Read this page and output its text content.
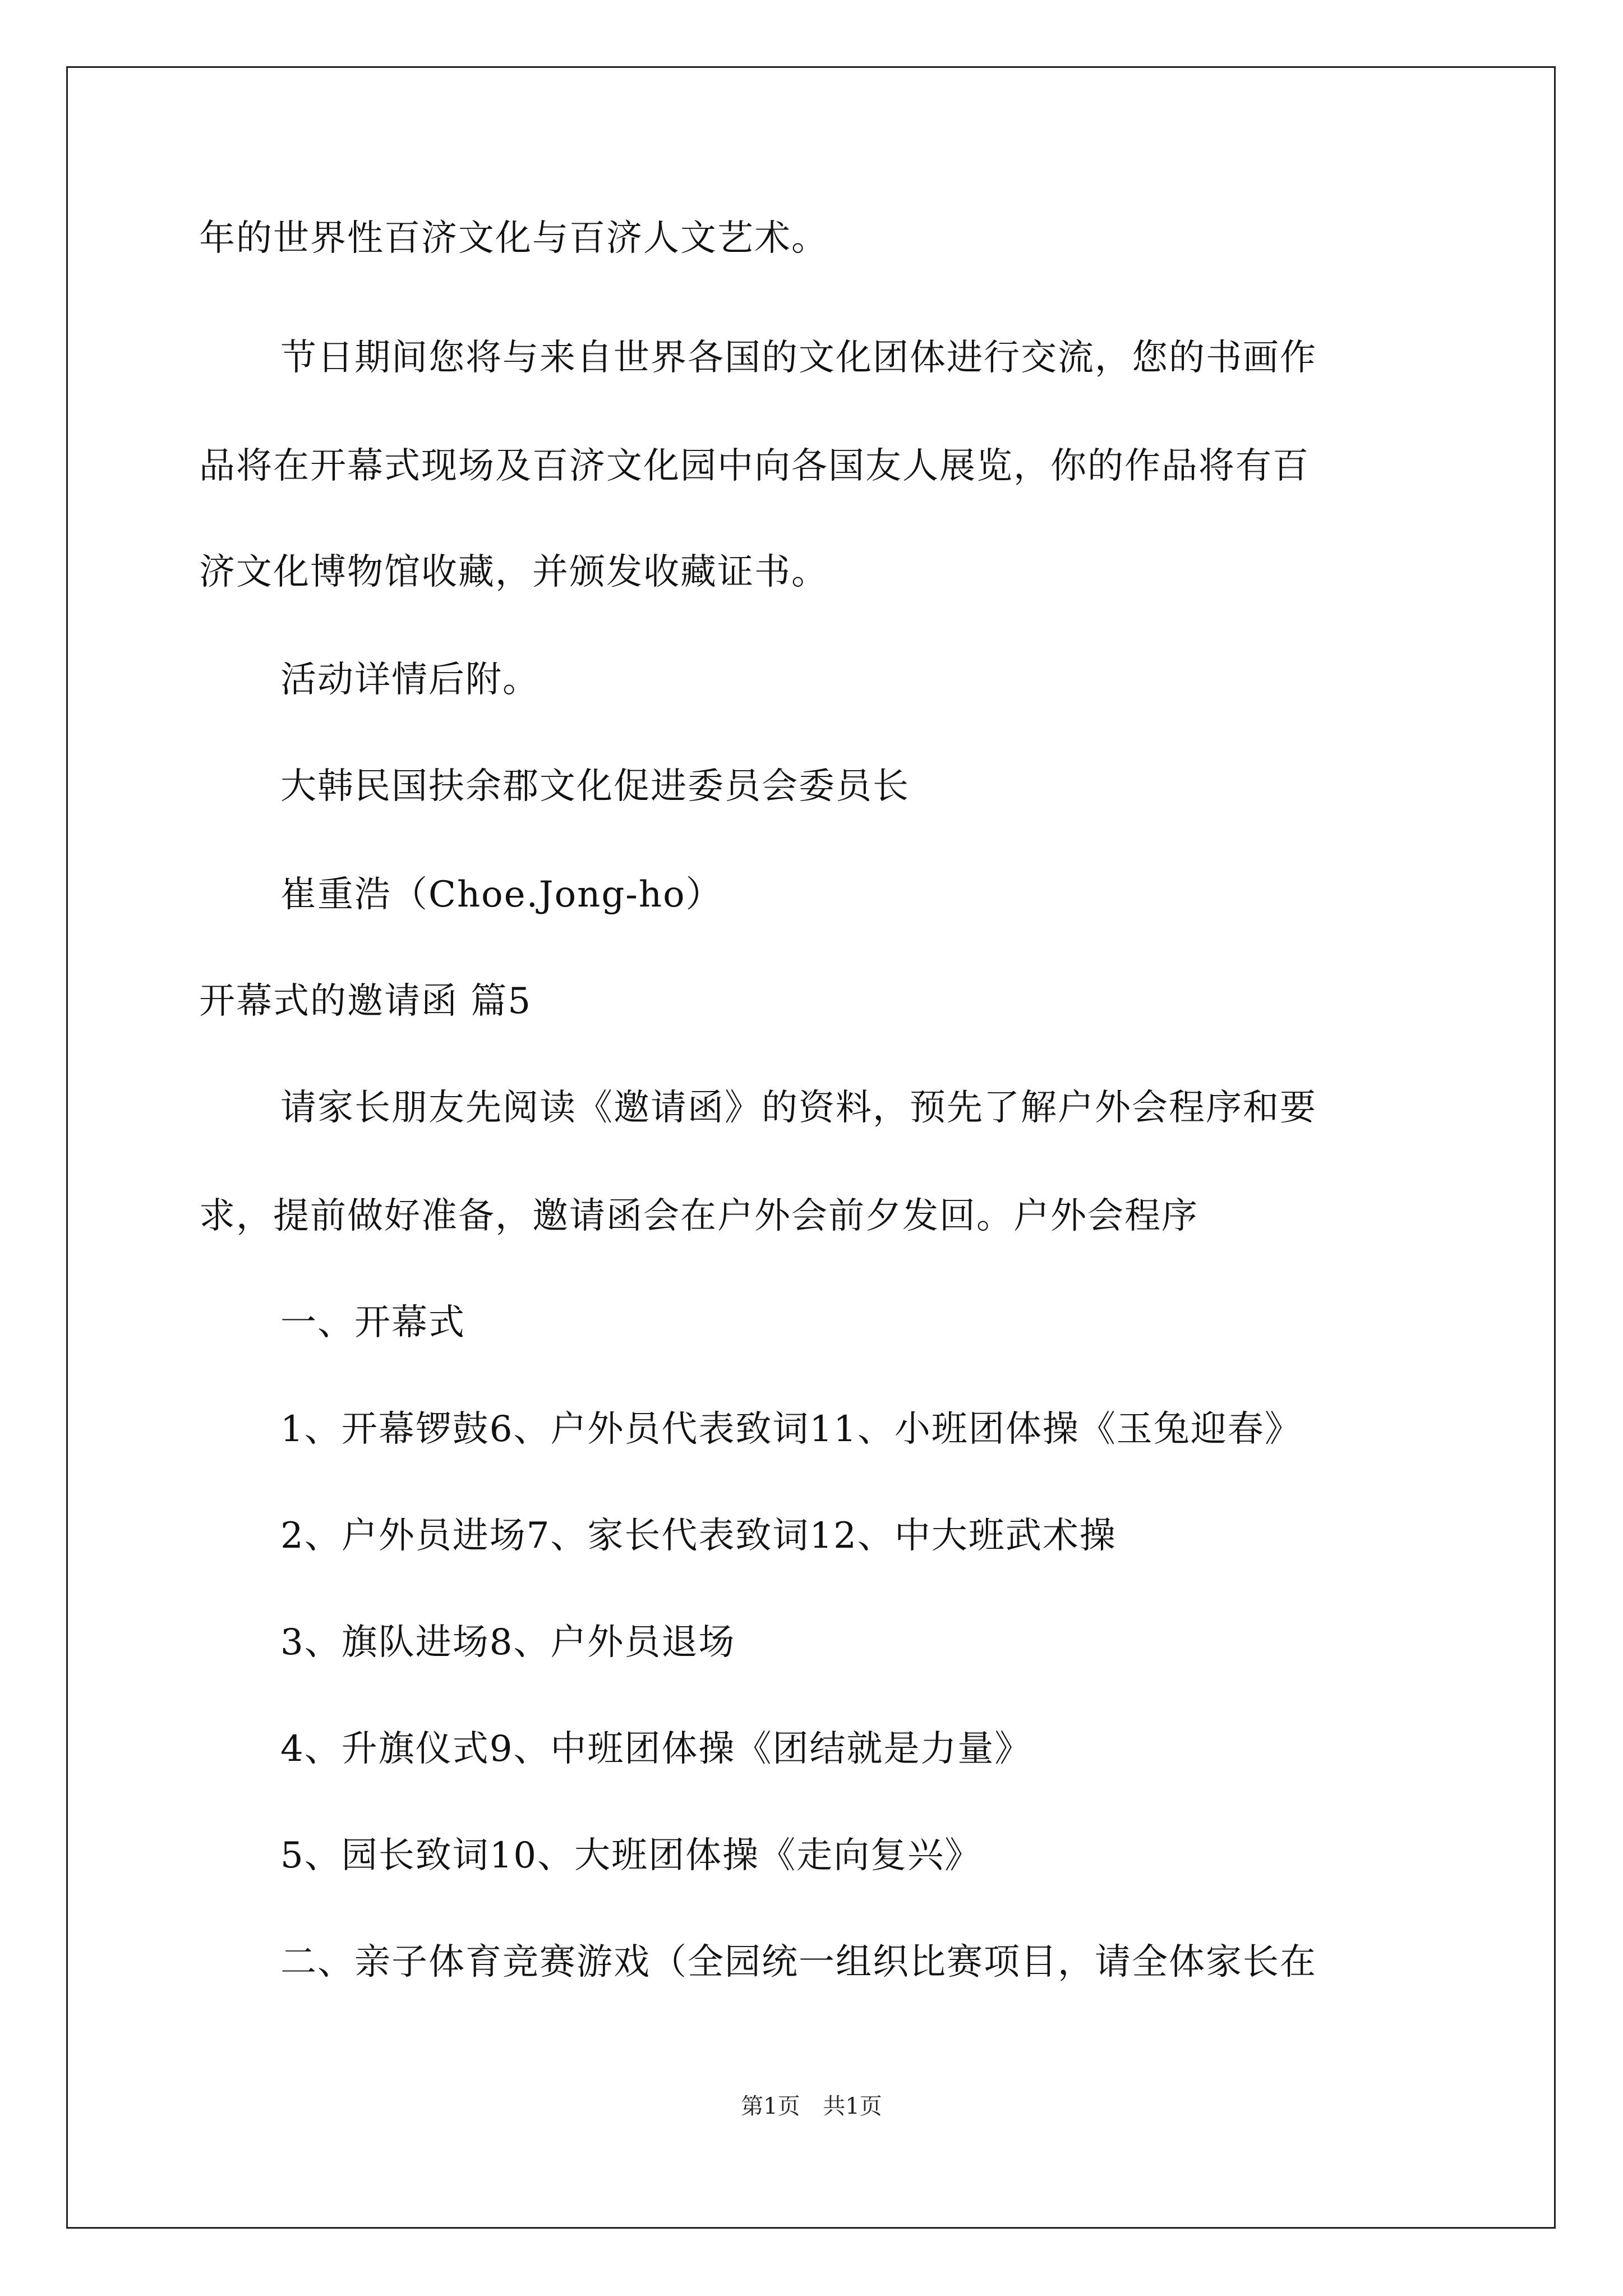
年的世界性百济文化与百济人文艺术。
节日期间您将与来自世界各国的文化团体进行交流，您的书画作
品将在开幕式现场及百济文化园中向各国友人展览，你的作品将有百
济文化博物馆收藏，并颁发收藏证书。
活动详情后附。
大韩民国扶余郡文化促进委员会委员长
崔重浩（Choe.Jong-ho）
开幕式的邀请函 篇5
请家长朋友先阅读《邀请函》的资料，预先了解户外会程序和要
求，提前做好准备，邀请函会在户外会前夕发回。户外会程序
一、开幕式
1、开幕锣鼓6、户外员代表致词11、小班团体操《玉兔迎春》
2、户外员进场7、家长代表致词12、中大班武术操
3、旗队进场8、户外员退场
4、升旗仪式9、中班团体操《团结就是力量》
5、园长致词10、大班团体操《走向复兴》
二、亲子体育竞赛游戏（全园统一组织比赛项目，请全体家长在
第1页 共1页
